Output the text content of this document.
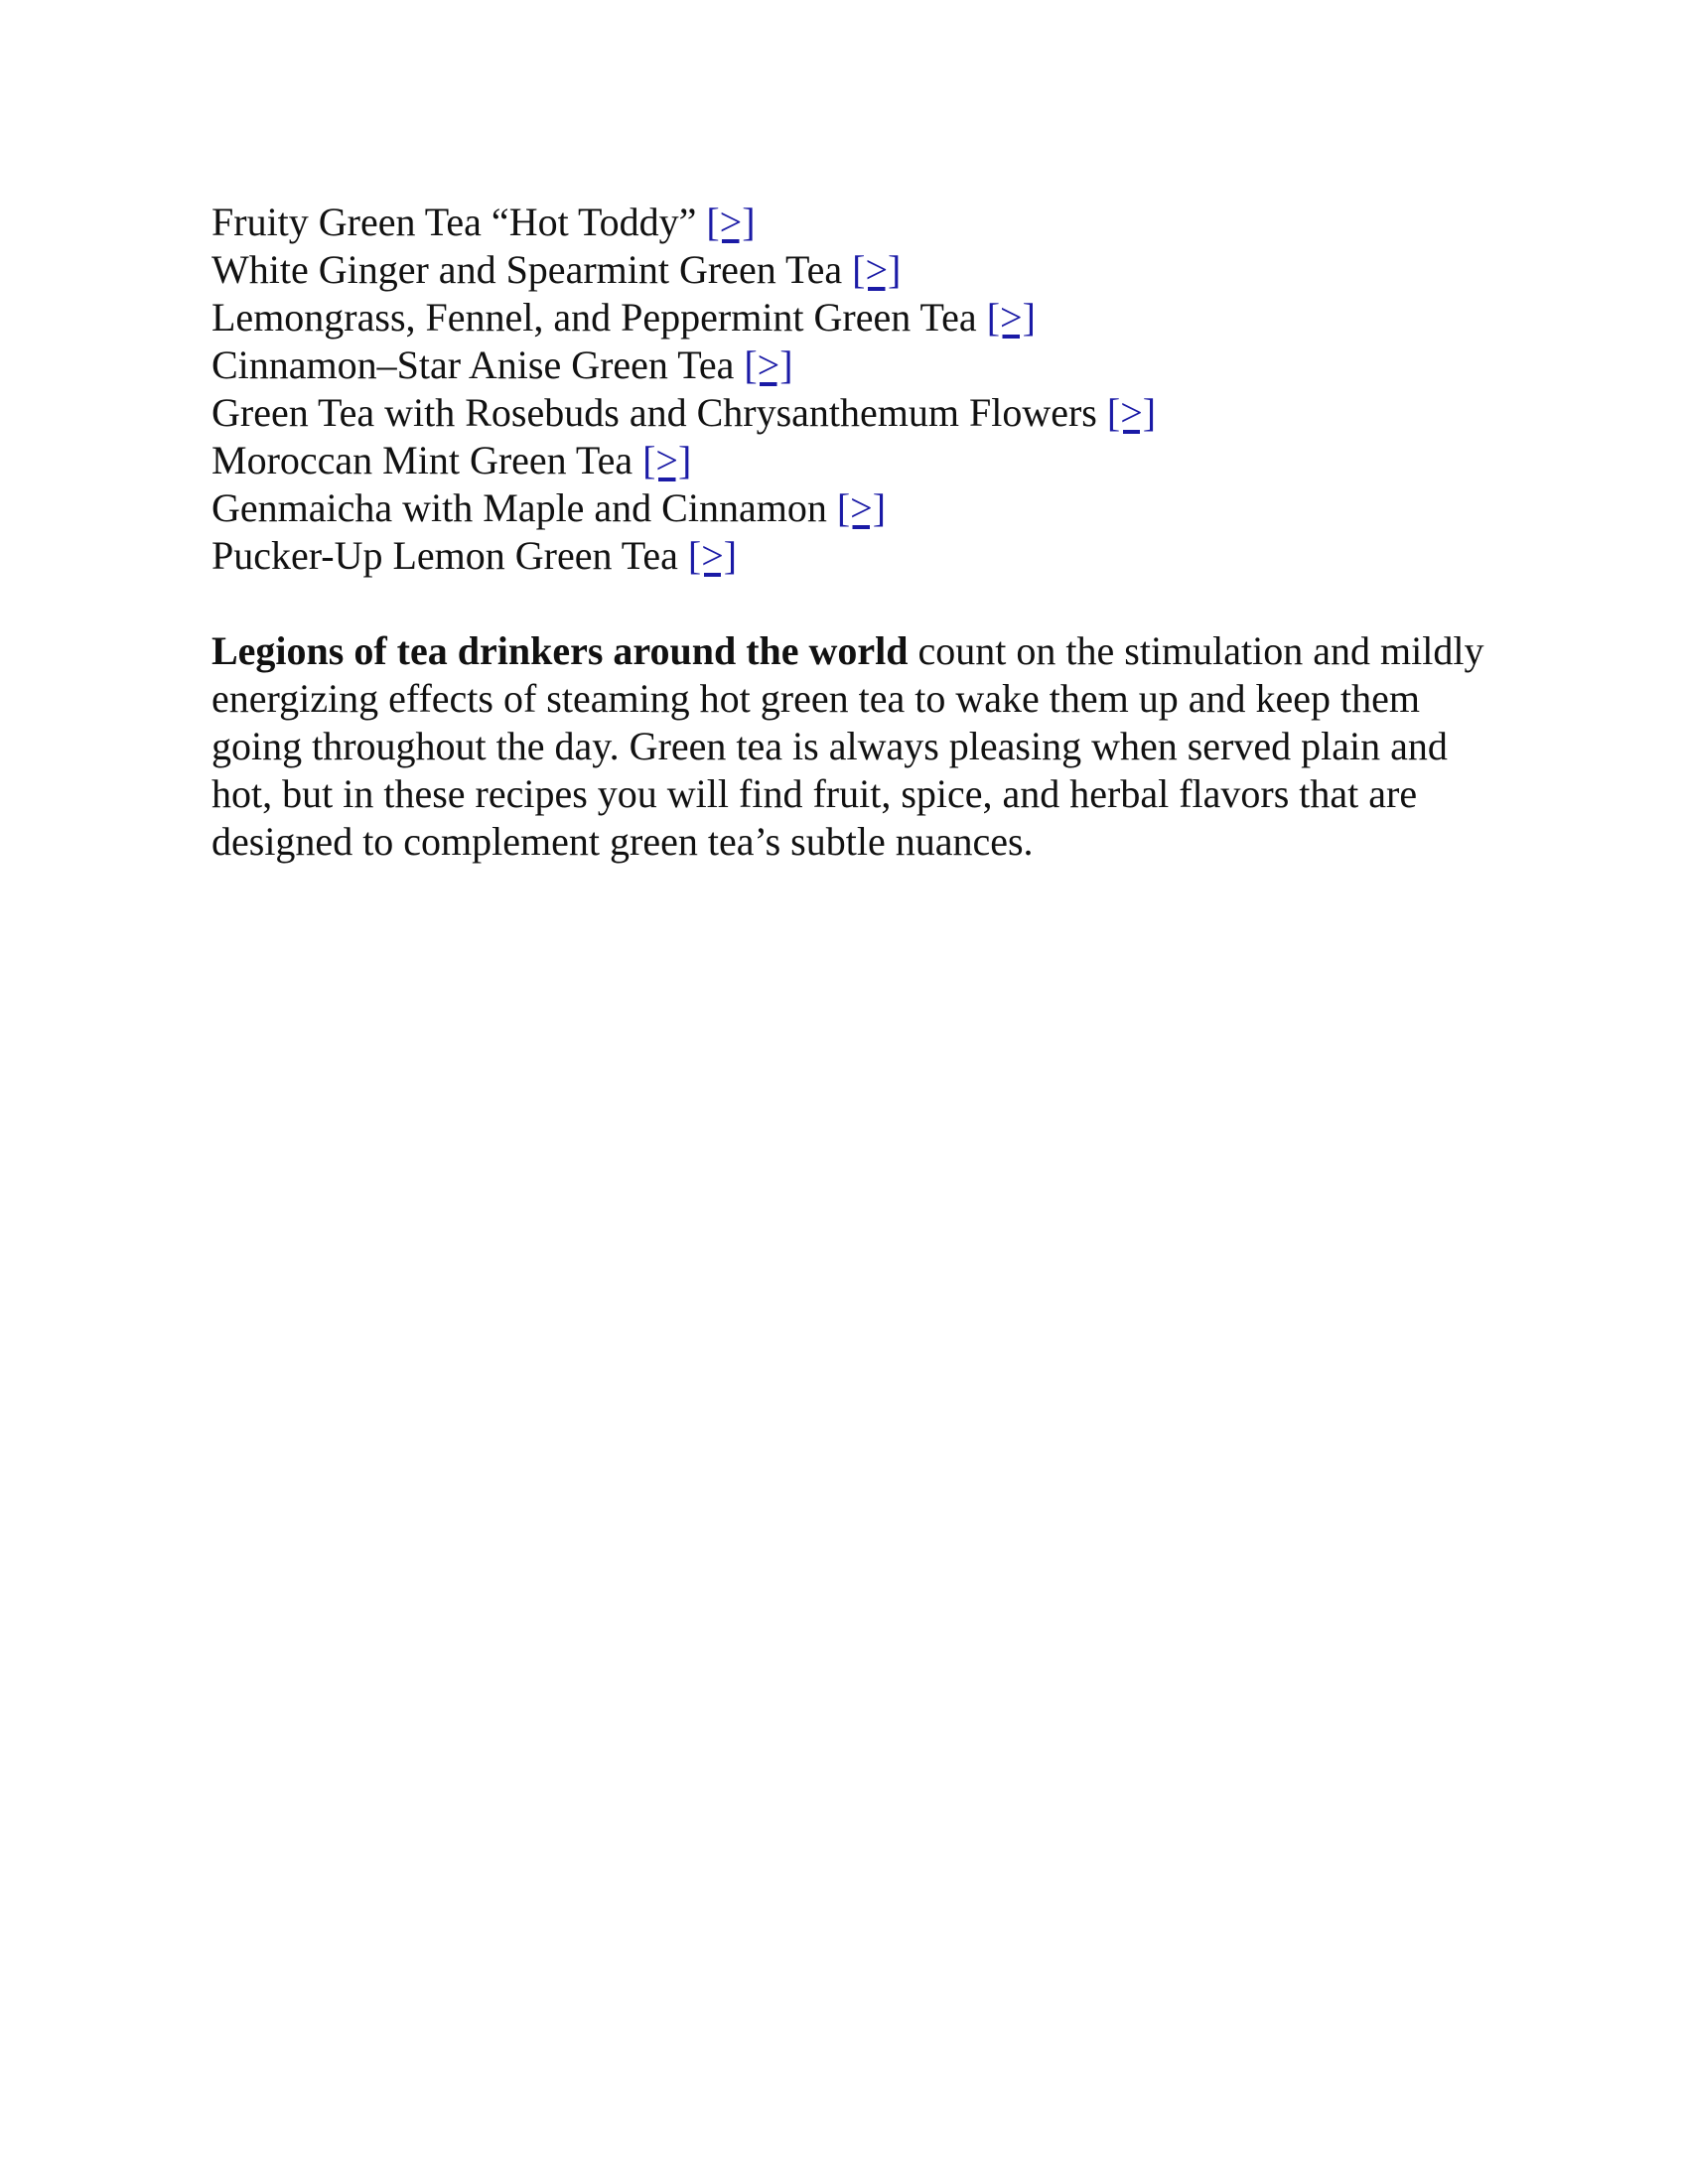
Fruity Green Tea “Hot Toddy” [>]
White Ginger and Spearmint Green Tea [>]
Lemongrass, Fennel, and Peppermint Green Tea [>]
Cinnamon–Star Anise Green Tea [>]
Green Tea with Rosebuds and Chrysanthemum Flowers [>]
Moroccan Mint Green Tea [>]
Genmaicha with Maple and Cinnamon [>]
Pucker-Up Lemon Green Tea [>]

Legions of tea drinkers around the world count on the stimulation and mildly energizing effects of steaming hot green tea to wake them up and keep them going throughout the day. Green tea is always pleasing when served plain and hot, but in these recipes you will find fruit, spice, and herbal flavors that are designed to complement green tea’s subtle nuances.
